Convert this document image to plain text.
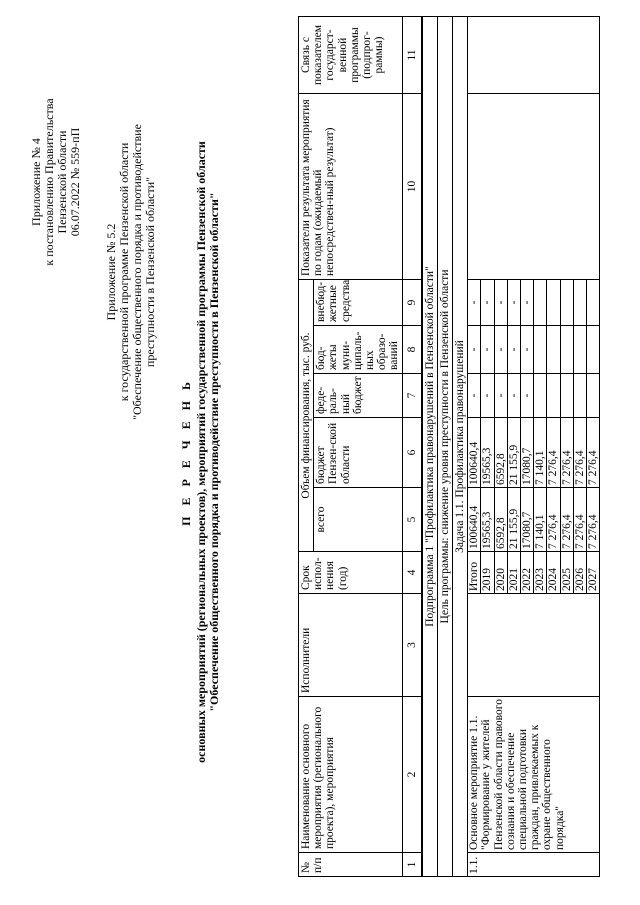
Приложение № 4 к постановлению Правительства Пензенской области 06.07.2022 № 559-пП
Приложение № 5.2 к государственной программе Пензенской области "Обеспечение общественного порядка и противодействие преступности в Пензенской области"
П Е Р Е Ч Е Н Ь основных мероприятий (региональных проектов), мероприятий государственной программы Пензенской области "Обеспечение общественного порядка и противодействие преступности в Пензенской области"
№ п/п	Наименование основного мероприятия (регионального проекта), мероприятия	Исполнители	Срок испол-нения (год)	Объем финансирования, тыс. руб.					Показатели результата мероприятия по годам (ожидаемый непосредствен-ный результат)	Связь с показателем государст-венной программы (подпрог-раммы)
				всего	бюджет Пензен-ской области	феде-раль-ный бюджет	бюд-жеты муни-ципаль-ных образо-ваний	внебюд-жетные средства		
1	2	3	4	5	6	7	8	9	10	11
Подпрограмма 1 "Профилактика правонарушений в Пензенской области"										
Цель программы: снижение уровня преступности в Пензенской области										
Задача 1.1. Профилактика правонарушений										
1.1.	Основное мероприятие 1.1. "Формирование у жителей Пензенской области правового сознания и обеспечение специальной подготовки граждан, привлекаемых к охране общественного порядка"		Итого	100640,4	100640,4	-	-	-		
			2019	19565,3	19565,3	-	-	-		
			2020	6592,8	6592,8	-	-	-		
			2021	21 155,9	21 155,9	-	-	-		
			2022	17080,7	17080,7	-	-	-		
			2023	7 140,1	7 140,1					
			2024	7 276,4	7 276,4					
			2025	7 276,4	7 276,4					
			2026	7 276,4	7 276,4					
			2027	7 276,4	7 276,4					
